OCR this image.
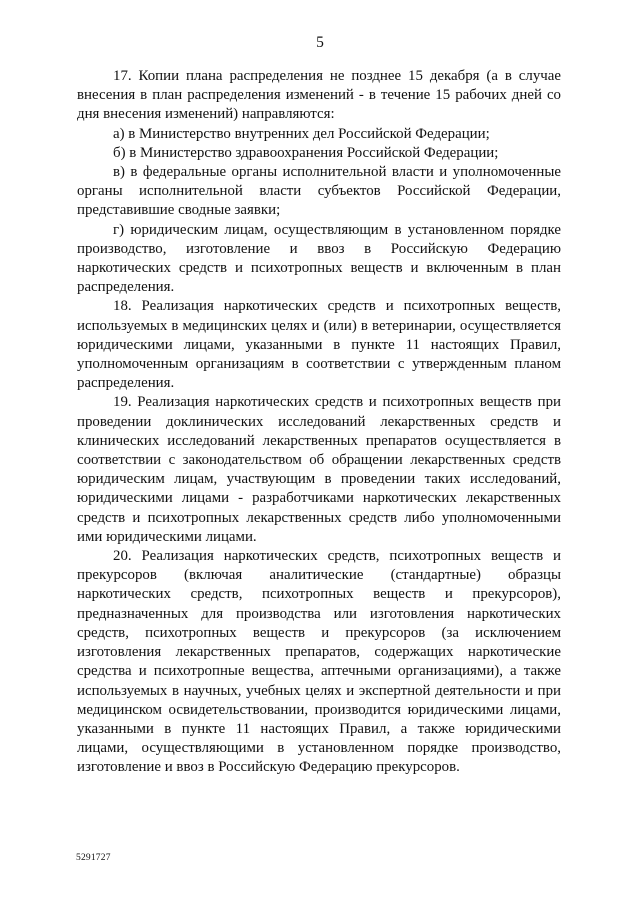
5

17. Копии плана распределения не позднее 15 декабря (а в случае внесения в план распределения изменений - в течение 15 рабочих дней со дня внесения изменений) направляются:

а) в Министерство внутренних дел Российской Федерации;

б) в Министерство здравоохранения Российской Федерации;

в) в федеральные органы исполнительной власти и уполномоченные органы исполнительной власти субъектов Российской Федерации, представившие сводные заявки;

г) юридическим лицам, осуществляющим в установленном порядке производство, изготовление и ввоз в Российскую Федерацию наркотических средств и психотропных веществ и включенным в план распределения.

18. Реализация наркотических средств и психотропных веществ, используемых в медицинских целях и (или) в ветеринарии, осуществляется юридическими лицами, указанными в пункте 11 настоящих Правил, уполномоченным организациям в соответствии с утвержденным планом распределения.

19. Реализация наркотических средств и психотропных веществ при проведении доклинических исследований лекарственных средств и клинических исследований лекарственных препаратов осуществляется в соответствии с законодательством об обращении лекарственных средств юридическим лицам, участвующим в проведении таких исследований, юридическими лицами - разработчиками наркотических лекарственных средств и психотропных лекарственных средств либо уполномоченными ими юридическими лицами.

20. Реализация наркотических средств, психотропных веществ и прекурсоров (включая аналитические (стандартные) образцы наркотических средств, психотропных веществ и прекурсоров), предназначенных для производства или изготовления наркотических средств, психотропных веществ и прекурсоров (за исключением изготовления лекарственных препаратов, содержащих наркотические средства и психотропные вещества, аптечными организациями), а также используемых в научных, учебных целях и экспертной деятельности и при медицинском освидетельствовании, производится юридическими лицами, указанными в пункте 11 настоящих Правил, а также юридическими лицами, осуществляющими в установленном порядке производство, изготовление и ввоз в Российскую Федерацию прекурсоров.

5291727
